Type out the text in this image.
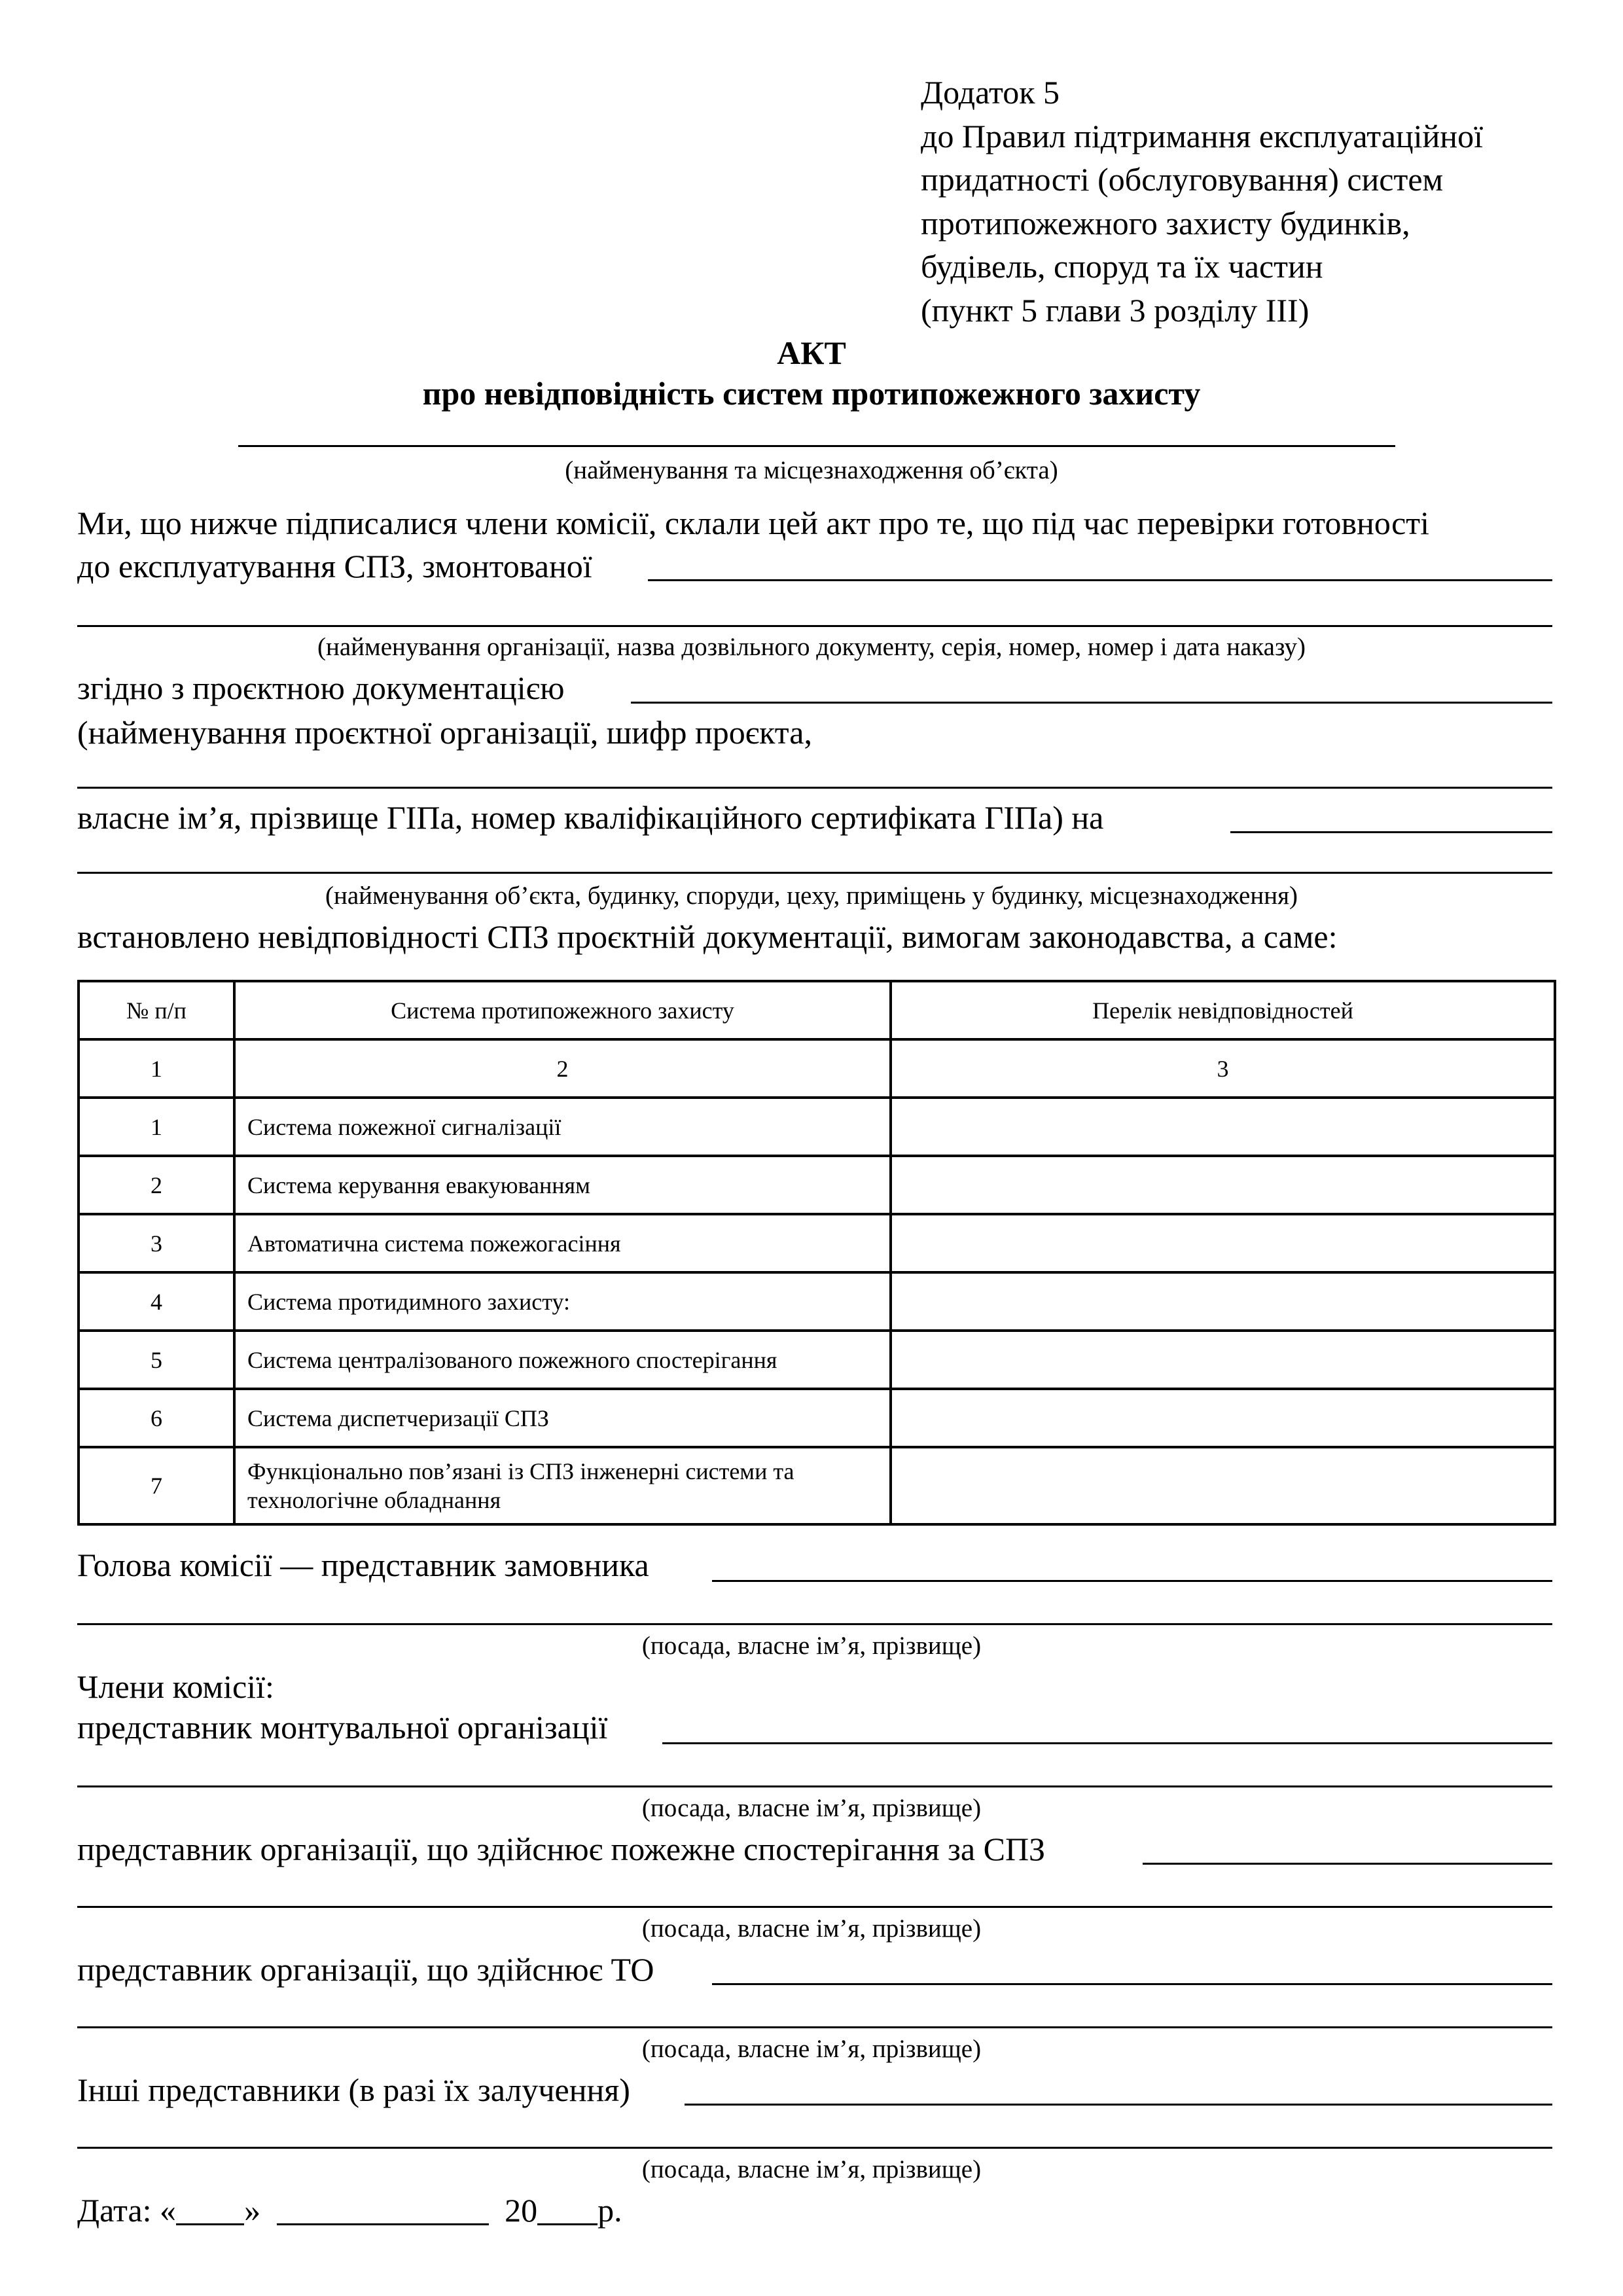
Додаток 5
до Правил підтримання експлуатаційної
придатності (обслуговування) систем
протипожежного захисту будинків,
будівель, споруд та їх частин
(пункт 5 глави 3 розділу ІІІ)
АКТ
про невідповідність систем протипожежного захисту
(найменування та місцезнаходження об’єкта)
Ми, що нижче підписалися члени комісії, склали цей акт про те, що під час перевірки готовності
до експлуатування СПЗ, змонтованої
(найменування організації, назва дозвільного документу, серія, номер, номер і дата наказу)
згідно з проєктною документацією
(найменування проєктної організації, шифр проєкта,
власне ім’я, прізвище ГІПа, номер кваліфікаційного сертифіката ГІПа) на
(найменування об’єкта, будинку, споруди, цеху, приміщень у будинку, місцезнаходження)
встановлено невідповідності СПЗ проєктній документації, вимогам законодавства, а саме:
№ п/п	Система протипожежного захисту	Перелік невідповідностей
1	2	3
1	Система пожежної сигналізації	
2	Система керування евакуюванням	
3	Автоматична система пожежогасіння	
4	Система протидимного захисту:	
5	Система централізованого пожежного спостерігання	
6	Система диспетчеризації СПЗ	
7	Функціонально пов’язані із СПЗ інженерні системи та технологічне обладнання	
Голова комісії — представник замовника
(посада, власне ім’я, прізвище)
Члени комісії:
представник монтувальної організації
(посада, власне ім’я, прізвище)
представник організації, що здійснює пожежне спостерігання за СПЗ
(посада, власне ім’я, прізвище)
представник організації, що здійснює ТО
(посада, власне ім’я, прізвище)
Інші представники (в разі їх залучення)
(посада, власне ім’я, прізвище)
Дата: « »	20 р.
